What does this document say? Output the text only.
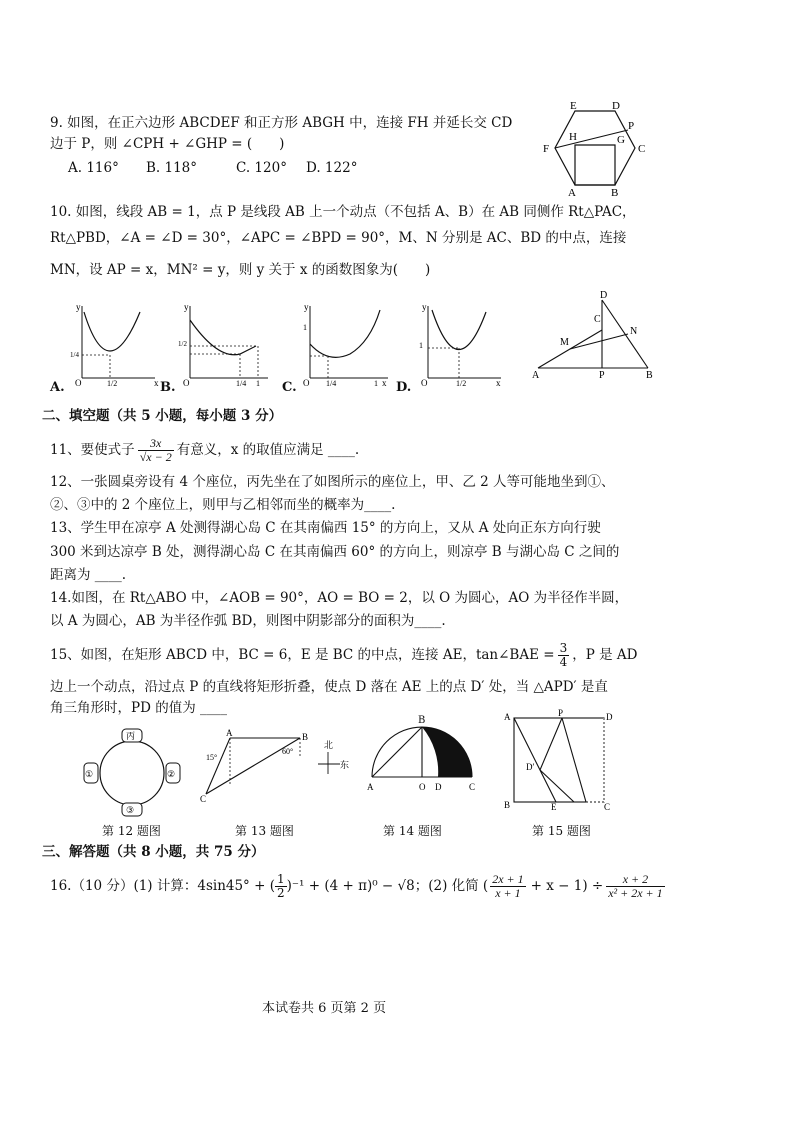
9. 如图，在正六边形 ABCDEF 和正方形 ABGH 中，连接 FH 并延长交 CD
边于 P，则 ∠CPH + ∠GHP = (　　)
A. 116° B. 118°	C. 120° D. 122°
E	D
P
F
H	G
C
A	B
10. 如图，线段 AB = 1，点 P 是线段 AB 上一个动点（不包括 A、B）在 AB 同侧作 Rt△PAC，
Rt△PBD，∠A = ∠D = 30°，∠APC = ∠BPD = 90°，M、N 分别是 AC、BD 的中点，连接
MN，设 AP = x，MN² = y，则 y 关于 x 的函数图象为(　　)
y
x
O	1/2
1/4
A.
y
O	1/4 1
1/2
B.
y
O 1/4	1 x
1
C.
y
x
O	1/2
1
D.
D
C
M
N
A	P	B
二、填空题（共 5 小题，每小题 3 分）
11、要使式子 $\frac{3x}{√x - 2}$ 有意义，x 的取值应满足 ____.
12、一张圆桌旁设有 4 个座位，丙先坐在了如图所示的座位上，甲、乙 2 人等可能地坐到①、
②、③中的 2 个座位上，则甲与乙相邻而坐的概率为____.
13、学生甲在凉亭 A 处测得湖心岛 C 在其南偏西 15° 的方向上，又从 A 处向正东方向行驶
300 米到达凉亭 B 处，测得湖心岛 C 在其南偏西 60° 的方向上，则凉亭 B 与湖心岛 C 之间的
距离为 ____.
14.如图，在 Rt△ABO 中，∠AOB = 90°，AO = BO = 2，以 O 为圆心，AO 为半径作半圆，
以 A 为圆心，AB 为半径作弧 BD，则图中阴影部分的面积为____.
15、如图，在矩形 ABCD 中，BC = 6，E 是 BC 的中点，连接 AE，tan∠BAE = $\frac{3}{4}$ ，P 是 AD
边上一个动点，沿过点 P 的直线将矩形折叠，使点 D 落在 AE 上的点 D′ 处，当 △APD′ 是直
角三角形时，PD 的值为 ____
丙
①	②
③
第 12 题图
A	B
C
15°
60°
北
东
第 13 题图
A	O D	C
B
第 14 题图
A	P	D
D′
B	E	C
第 15 题图
三、解答题（共 8 小题，共 75 分）
16.（10 分）(1) 计算：4sin45° + ( $\frac{1}{2} )^{-1} + (4 + \pi)^0 - √8$；(2) 化简 ( $\frac{2x + 1}{x + 1} + x - 1) \div \frac{x + 2}{\text{x² + 2x + 1}}$
本试卷共 6 页第 2 页
